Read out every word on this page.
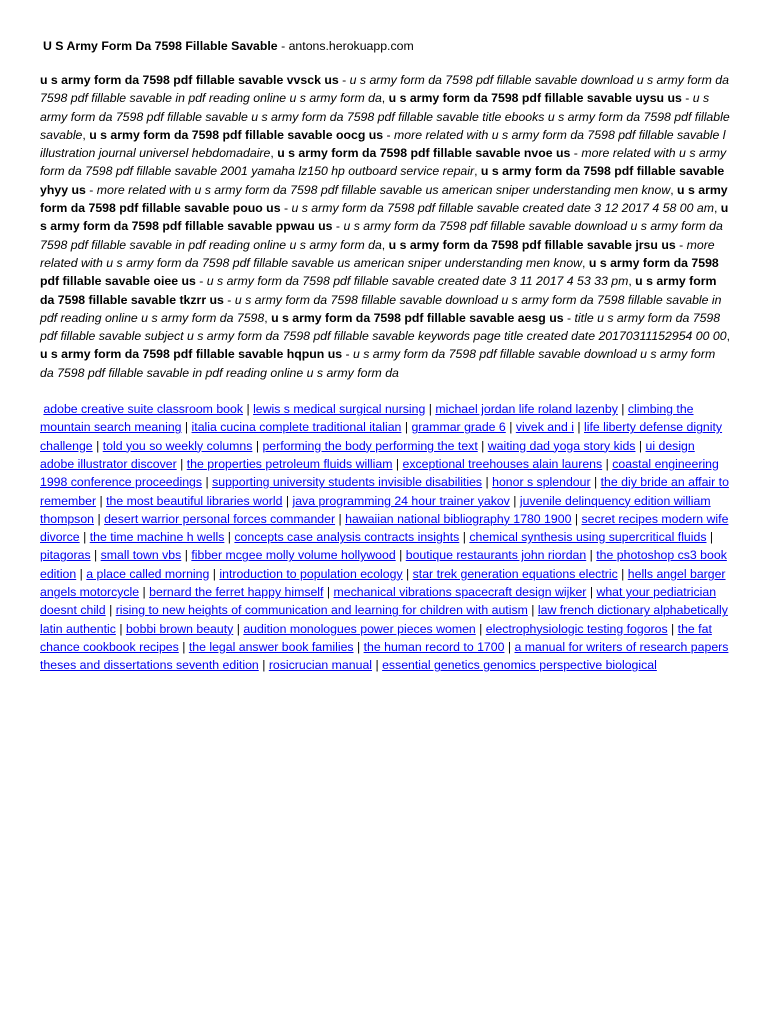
U S Army Form Da 7598 Fillable Savable - antons.herokuapp.com
u s army form da 7598 pdf fillable savable vvsck us - u s army form da 7598 pdf fillable savable download u s army form da 7598 pdf fillable savable in pdf reading online u s army form da, u s army form da 7598 pdf fillable savable uysu us - u s army form da 7598 pdf fillable savable u s army form da 7598 pdf fillable savable title ebooks u s army form da 7598 pdf fillable savable, u s army form da 7598 pdf fillable savable oocg us - more related with u s army form da 7598 pdf fillable savable l illustration journal universel hebdomadaire, u s army form da 7598 pdf fillable savable nvoe us - more related with u s army form da 7598 pdf fillable savable 2001 yamaha lz150 hp outboard service repair, u s army form da 7598 pdf fillable savable yhyy us - more related with u s army form da 7598 pdf fillable savable us american sniper understanding men know, u s army form da 7598 pdf fillable savable pouo us - u s army form da 7598 pdf fillable savable created date 3 12 2017 4 58 00 am, u s army form da 7598 pdf fillable savable ppwau us - u s army form da 7598 pdf fillable savable download u s army form da 7598 pdf fillable savable in pdf reading online u s army form da, u s army form da 7598 pdf fillable savable jrsu us - more related with u s army form da 7598 pdf fillable savable us american sniper understanding men know, u s army form da 7598 pdf fillable savable oiee us - u s army form da 7598 pdf fillable savable created date 3 11 2017 4 53 33 pm, u s army form da 7598 fillable savable tkzrr us - u s army form da 7598 fillable savable download u s army form da 7598 fillable savable in pdf reading online u s army form da 7598, u s army form da 7598 pdf fillable savable aesg us - title u s army form da 7598 pdf fillable savable subject u s army form da 7598 pdf fillable savable keywords page title created date 20170311152954 00 00, u s army form da 7598 pdf fillable savable hqpun us - u s army form da 7598 pdf fillable savable download u s army form da 7598 pdf fillable savable in pdf reading online u s army form da
adobe creative suite classroom book | lewis s medical surgical nursing | michael jordan life roland lazenby | climbing the mountain search meaning | italia cucina complete traditional italian | grammar grade 6 | vivek and i | life liberty defense dignity challenge | told you so weekly columns | performing the body performing the text | waiting dad yoga story kids | ui design adobe illustrator discover | the properties petroleum fluids william | exceptional treehouses alain laurens | coastal engineering 1998 conference proceedings | supporting university students invisible disabilities | honor s splendour | the diy bride an affair to remember | the most beautiful libraries world | java programming 24 hour trainer yakov | juvenile delinquency edition william thompson | desert warrior personal forces commander | hawaiian national bibliography 1780 1900 | secret recipes modern wife divorce | the time machine h wells | concepts case analysis contracts insights | chemical synthesis using supercritical fluids | pitagoras | small town vbs | fibber mcgee molly volume hollywood | boutique restaurants john riordan | the photoshop cs3 book edition | a place called morning | introduction to population ecology | star trek generation equations electric | hells angel barger angels motorcycle | bernard the ferret happy himself | mechanical vibrations spacecraft design wijker | what your pediatrician doesnt child | rising to new heights of communication and learning for children with autism | law french dictionary alphabetically latin authentic | bobbi brown beauty | audition monologues power pieces women | electrophysiologic testing fogoros | the fat chance cookbook recipes | the legal answer book families | the human record to 1700 | a manual for writers of research papers theses and dissertations seventh edition | rosicrucian manual | essential genetics genomics perspective biological
